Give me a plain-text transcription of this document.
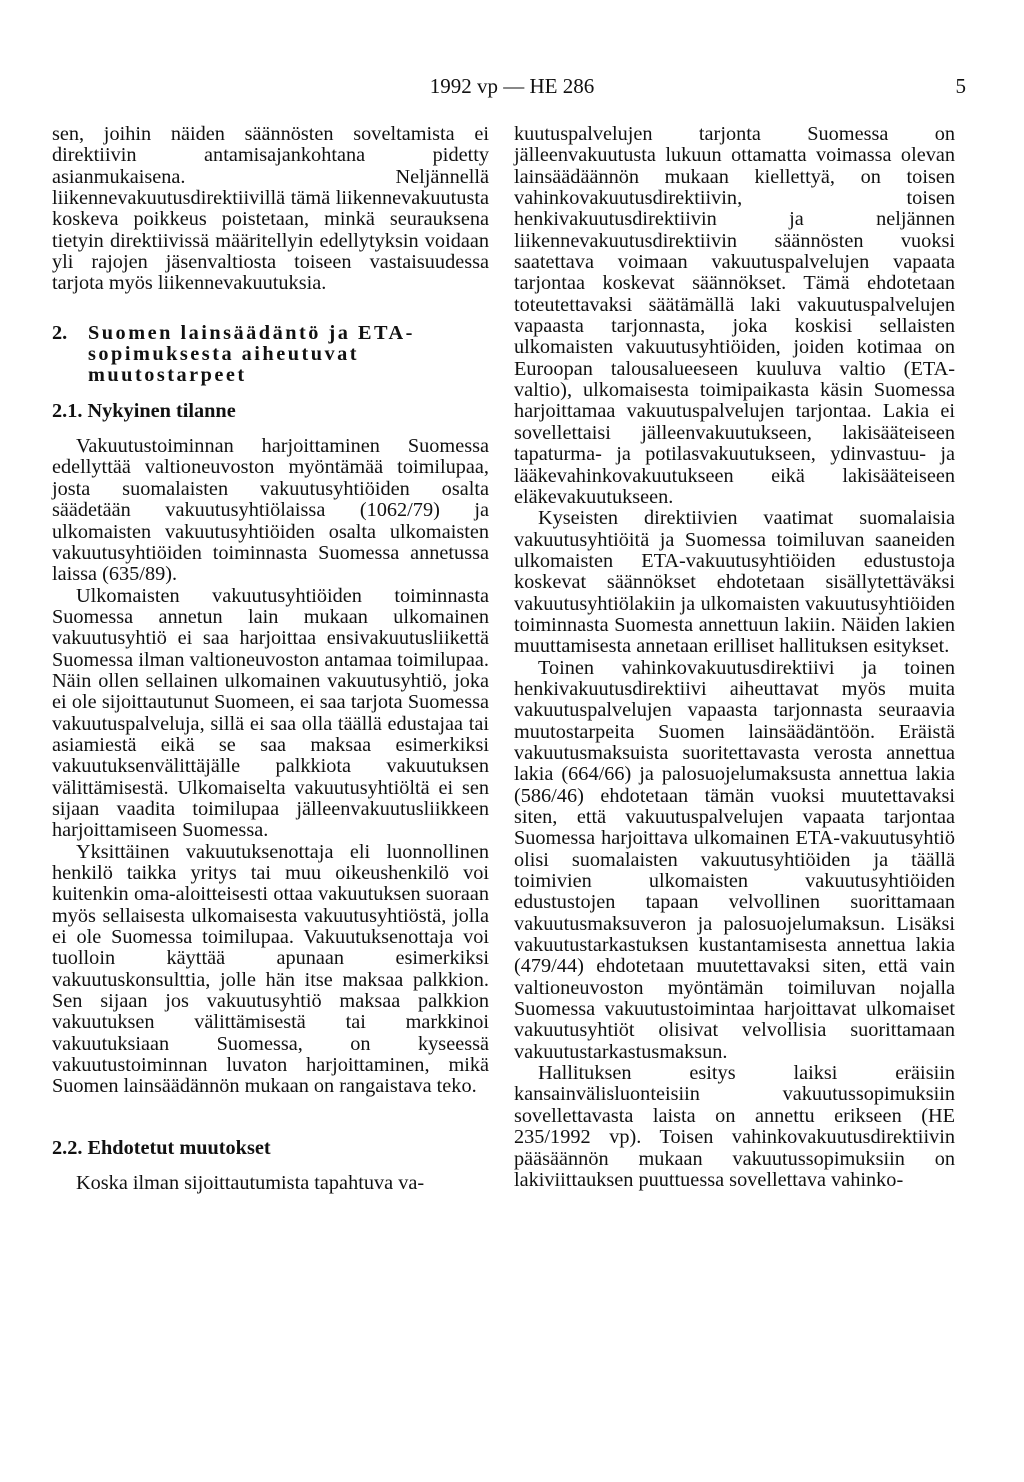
1992 vp — HE 286	5

sen, joihin näiden säännösten soveltamista ei direktiivin antamisajankohtana pidetty asianmukaisena. Neljännellä liikennevakuutusdirektiivillä tämä liikennevakuutusta koskeva poikkeus poistetaan, minkä seurauksena tietyin direktiivissä määritellyin edellytyksin voidaan yli rajojen jäsenvaltiosta toiseen vastaisuudessa tarjota myös liikennevakuutuksia.

2.	Suomen lainsäädäntö ja ETA-sopimuksesta aiheutuvat muutostarpeet

2.1. Nykyinen tilanne

Vakuutustoiminnan harjoittaminen Suomessa edellyttää valtioneuvoston myöntämää toimilupaa, josta suomalaisten vakuutusyhtiöiden osalta säädetään vakuutusyhtiölaissa (1062/79) ja ulkomaisten vakuutusyhtiöiden osalta ulkomaisten vakuutusyhtiöiden toiminnasta Suomessa annetussa laissa (635/89).

Ulkomaisten vakuutusyhtiöiden toiminnasta Suomessa annetun lain mukaan ulkomainen vakuutusyhtiö ei saa harjoittaa ensivakuutusliikettä Suomessa ilman valtioneuvoston antamaa toimilupaa. Näin ollen sellainen ulkomainen vakuutusyhtiö, joka ei ole sijoittautunut Suomeen, ei saa tarjota Suomessa vakuutuspalveluja, sillä ei saa olla täällä edustajaa tai asiamiestä eikä se saa maksaa esimerkiksi vakuutuksenvälittäjälle palkkiota vakuutuksen välittämisestä. Ulkomaiselta vakuutusyhtiöltä ei sen sijaan vaadita toimilupaa jälleenvakuutusliikkeen harjoittamiseen Suomessa.

Yksittäinen vakuutuksenottaja eli luonnollinen henkilö taikka yritys tai muu oikeushenkilö voi kuitenkin oma-aloitteisesti ottaa vakuutuksen suoraan myös sellaisesta ulkomaisesta vakuutusyhtiöstä, jolla ei ole Suomessa toimilupaa. Vakuutuksenottaja voi tuolloin käyttää apunaan esimerkiksi vakuutuskonsulttia, jolle hän itse maksaa palkkion. Sen sijaan jos vakuutusyhtiö maksaa palkkion vakuutuksen välittämisestä tai markkinoi vakuutuksiaan Suomessa, on kyseessä vakuutustoiminnan luvaton harjoittaminen, mikä Suomen lainsäädännön mukaan on rangaistava teko.

2.2. Ehdotetut muutokset

Koska ilman sijoittautumista tapahtuva va-

kuutuspalvelujen tarjonta Suomessa on jälleenvakuutusta lukuun ottamatta voimassa olevan lainsäädäännön mukaan kiellettyä, on toisen vahinkovakuutusdirektiivin, toisen henkivakuutusdirektiivin ja neljännen liikennevakuutusdirektiivin säännösten vuoksi saatettava voimaan vakuutuspalvelujen vapaata tarjontaa koskevat säännökset. Tämä ehdotetaan toteutettavaksi säätämällä laki vakuutuspalvelujen vapaasta tarjonnasta, joka koskisi sellaisten ulkomaisten vakuutusyhtiöiden, joiden kotimaa on Euroopan talousalueeseen kuuluva valtio (ETA-valtio), ulkomaisesta toimipaikasta käsin Suomessa harjoittamaa vakuutuspalvelujen tarjontaa. Lakia ei sovellettaisi jälleenvakuutukseen, lakisääteiseen tapaturma- ja potilasvakuutukseen, ydinvastuu- ja lääkevahinkovakuutukseen eikä lakisääteiseen eläkevakuutukseen.

Kyseisten direktiivien vaatimat suomalaisia vakuutusyhtiöitä ja Suomessa toimiluvan saaneiden ulkomaisten ETA-vakuutusyhtiöiden edustustoja koskevat säännökset ehdotetaan sisällytettäväksi vakuutusyhtiölakiin ja ulkomaisten vakuutusyhtiöiden toiminnasta Suomesta annettuun lakiin. Näiden lakien muuttamisesta annetaan erilliset hallituksen esitykset.

Toinen vahinkovakuutusdirektiivi ja toinen henkivakuutusdirektiivi aiheuttavat myös muita vakuutuspalvelujen vapaasta tarjonnasta seuraavia muutostarpeita Suomen lainsäädäntöön. Eräistä vakuutusmaksuista suoritettavasta verosta annettua lakia (664/66) ja palosuojelumaksusta annettua lakia (586/46) ehdotetaan tämän vuoksi muutettavaksi siten, että vakuutuspalvelujen vapaata tarjontaa Suomessa harjoittava ulkomainen ETA-vakuutusyhtiö olisi suomalaisten vakuutusyhtiöiden ja täällä toimivien ulkomaisten vakuutusyhtiöiden edustustojen tapaan velvollinen suorittamaan vakuutusmaksuveron ja palosuojelumaksun. Lisäksi vakuutustarkastuksen kustantamisesta annettua lakia (479/44) ehdotetaan muutettavaksi siten, että vain valtioneuvoston myöntämän toimiluvan nojalla Suomessa vakuutustoimintaa harjoittavat ulkomaiset vakuutusyhtiöt olisivat velvollisia suorittamaan vakuutustarkastusmaksun.

Hallituksen esitys laiksi eräisiin kansainvälisluonteisiin vakuutussopimuksiin sovellettavasta laista on annettu erikseen (HE 235/1992 vp). Toisen vahinkovakuutusdirektiivin pääsäännön mukaan vakuutussopimuksiin on lakiviittauksen puuttuessa sovellettava vahinko-
